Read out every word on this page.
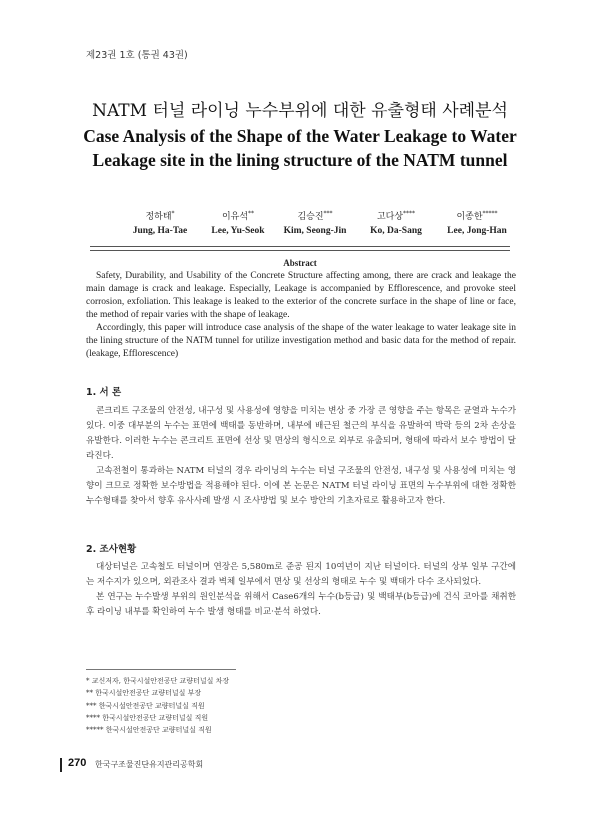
제23권 1호 (통권 43권)
NATM 터널 라이닝 누수부위에 대한 유출형태 사례분석
Case Analysis of the Shape of the Water Leakage to Water Leakage site in the lining structure of the NATM tunnel
정하태*
Jung, Ha-Tae
이유석**
Lee, Yu-Seok
김승진***
Kim, Seong-Jin
고다상****
Ko, Da-Sang
이종한*****
Lee, Jong-Han
Abstract

Safety, Durability, and Usability of the Concrete Structure affecting among, there are crack and leakage the main damage is crack and leakage. Especially, Leakage is accompanied by Efflorescence, and provoke steel corrosion, exfoliation. This leakage is leaked to the exterior of the concrete surface in the shape of line or face, the method of repair varies with the shape of leakage.

Accordingly, this paper will introduce case analysis of the shape of the water leakage to water leakage site in the lining structure of the NATM tunnel for utilize investigation method and basic data for the method of repair.(leakage, Efflorescence)

1. 서 론

콘크리트 구조물의 안전성, 내구성 및 사용성에 영향을 미치는 변상 중 가장 큰 영향을 주는 항목은 균열과 누수가 있다. 이중 대부분의 누수는 표면에 백태를 동반하며, 내부에 배근된 철근의 부식을 유발하여 박락 등의 2차 손상을 유발한다. 이러한 누수는 콘크리트 표면에 선상 및 면상의 형식으로 외부로 유출되며, 형태에 따라서 보수 방법이 달라진다.

고속전철이 통과하는 NATM 터널의 경우 라이닝의 누수는 터널 구조물의 안전성, 내구성 및 사용성에 미치는 영향이 크므로 정확한 보수방법을 적용해야 된다. 이에 본 논문은 NATM 터널 라이닝 표면의 누수부위에 대한 정확한 누수형태를 찾아서 향후 유사사례 발생 시 조사방법 및 보수 방안의 기초자료로 활용하고자 한다.

2. 조사현황

대상터널은 고속철도 터널이며 연장은 5,580m로 준공 된지 10여년이 지난 터널이다. 터널의 상부 일부 구간에는 저수지가 있으며, 외관조사 결과 벽체 일부에서 면상 및 선상의 형태로 누수 및 백태가 다수 조사되었다.

본 연구는 누수발생 부위의 원인분석을 위해서 Case6개의 누수(b등급) 및 백태부(b등급)에 건식 코아를 채취한 후 라이닝 내부를 확인하여 누수 발생 형태를 비교·분석 하였다.

* 교신저자, 한국시설안전공단 교량터널실 차장
** 한국시설안전공단 교량터널실 부장
*** 한국시설안전공단 교량터널실 직원
**** 한국시설안전공단 교량터널실 직원
***** 한국시설안전공단 교량터널실 직원
270 한국구조물진단유지관리공학회
